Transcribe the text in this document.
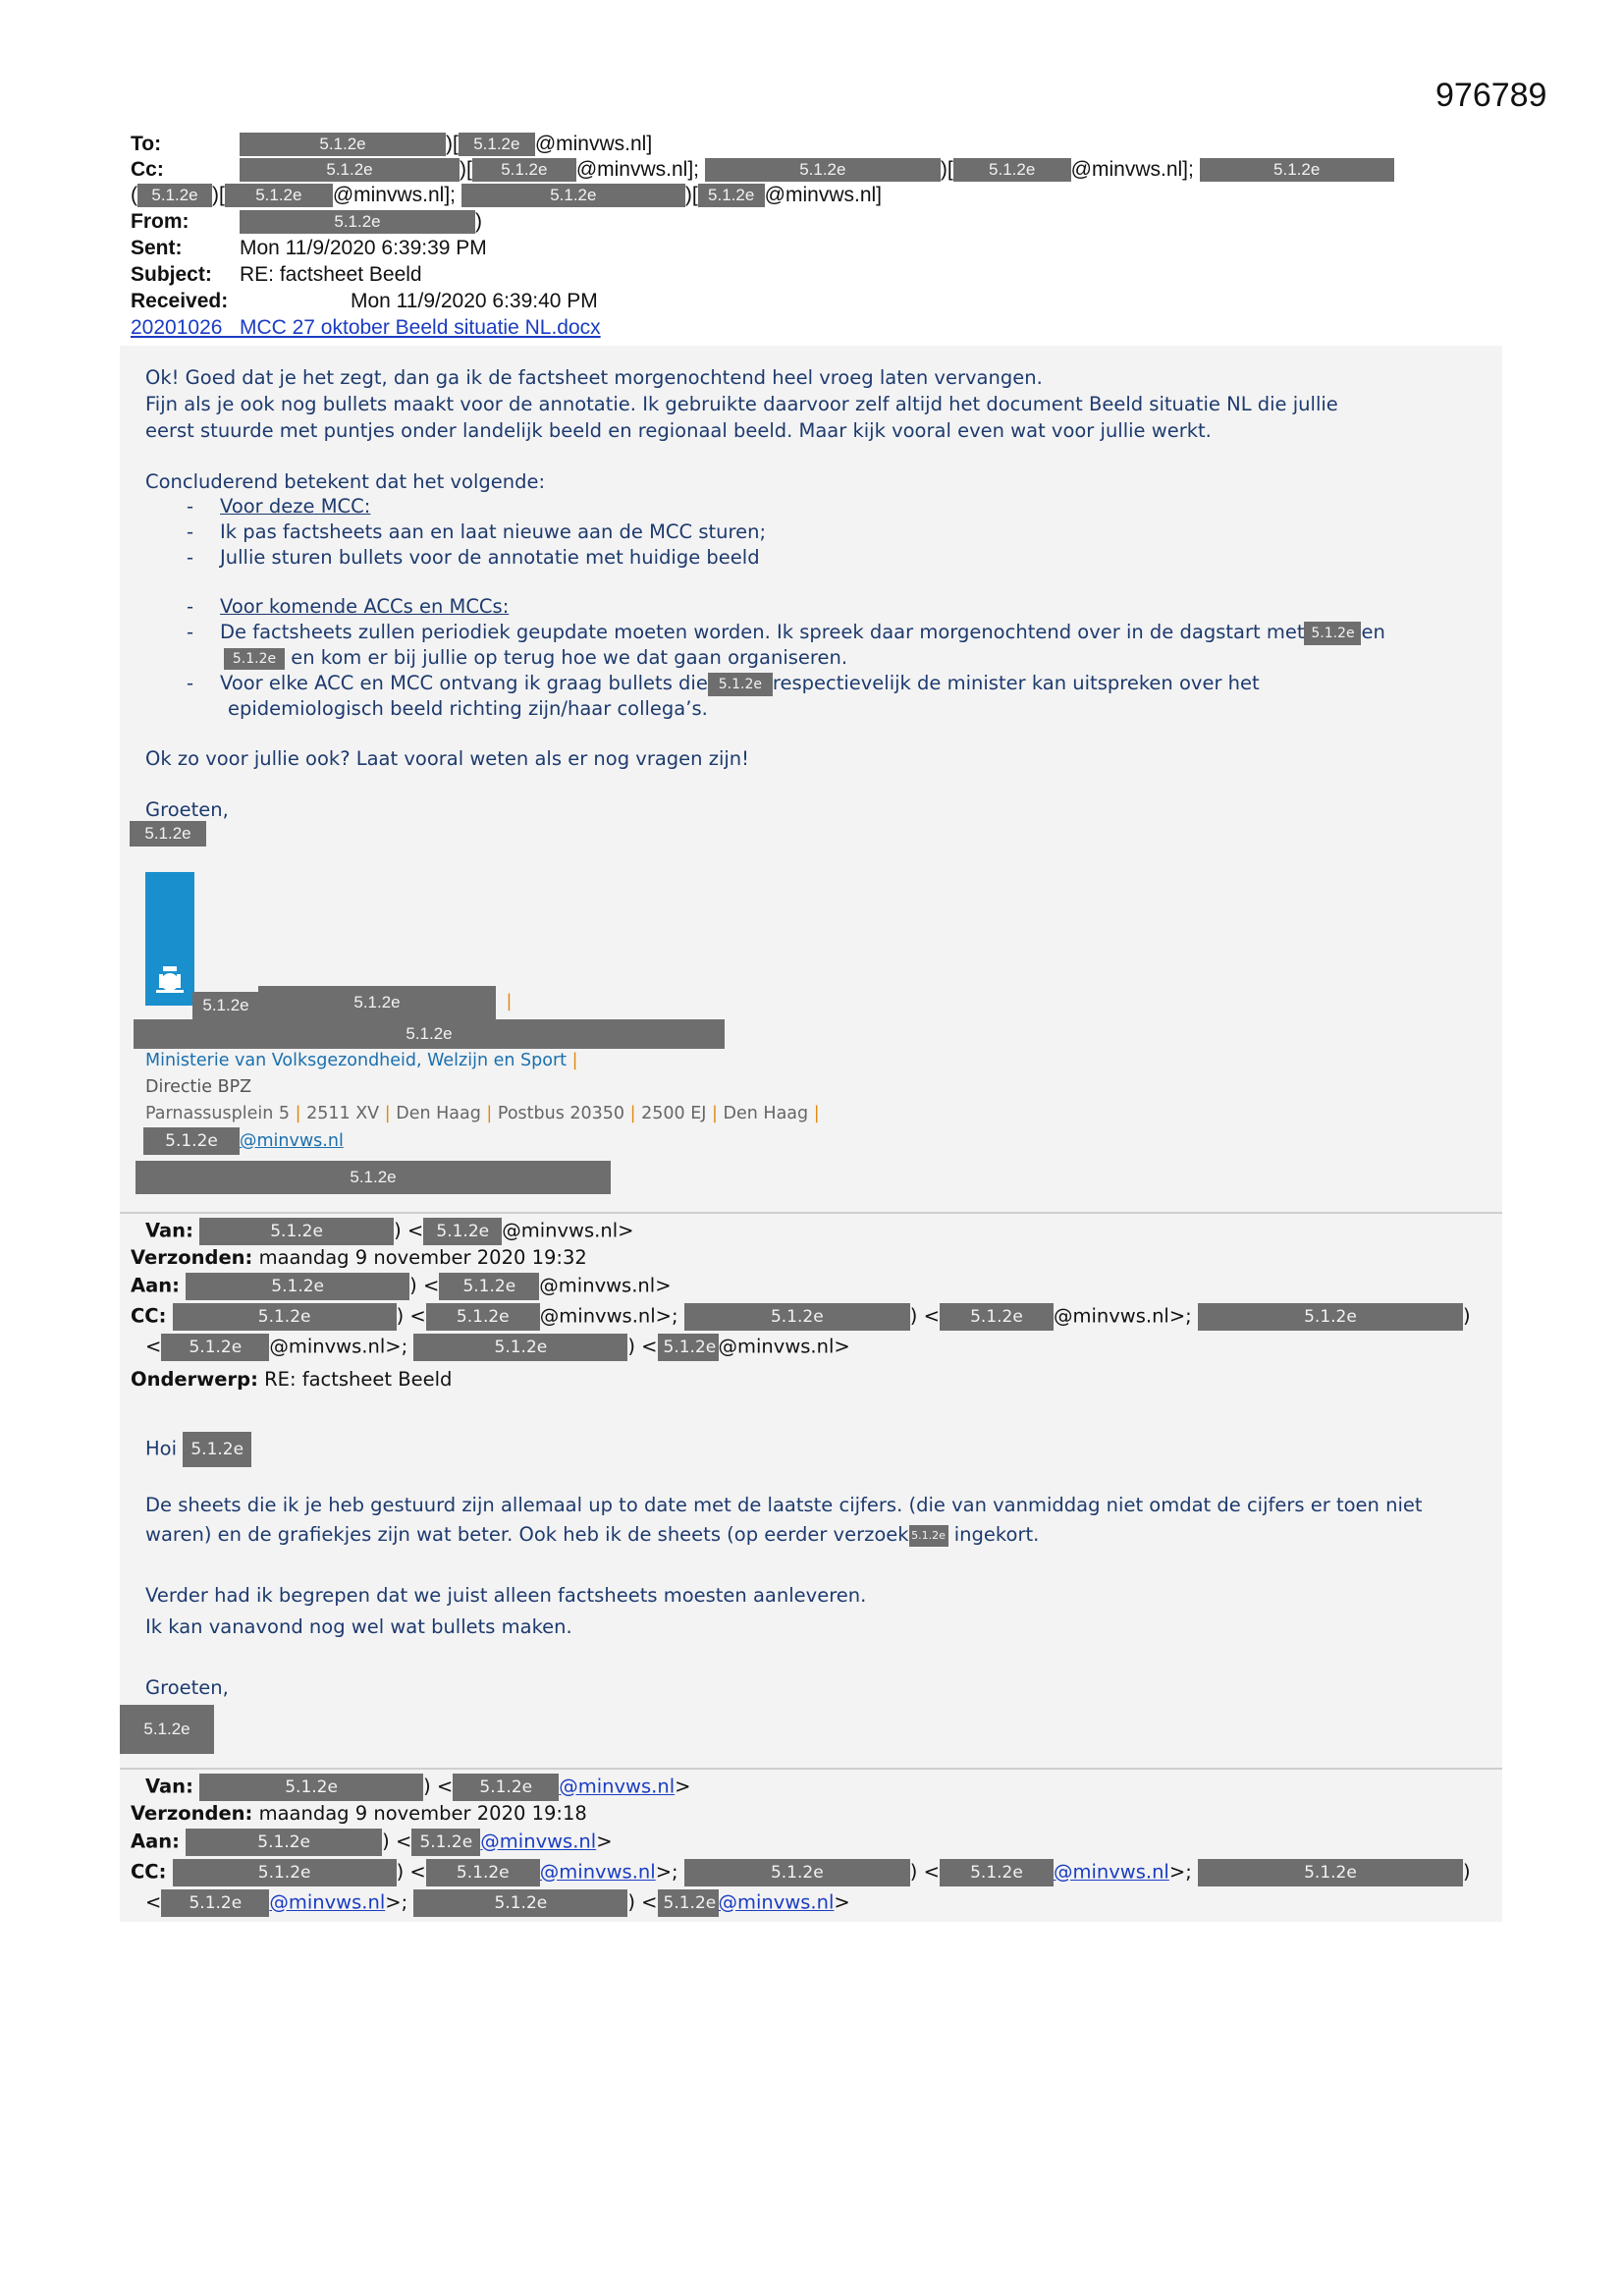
976789
To:	5.1.2e	)[ 5.1.2e @minvws.nl]
Cc:	5.1.2e	)[ 5.1.2e @minvws.nl];	5.1.2e	)[ 5.1.2e @minvws.nl];	5.1.2e
( 5.1.2e )[ 5.1.2e @minvws.nl];	5.1.2e	)[ 5.1.2e @minvws.nl]
From:	5.1.2e	)
Sent:	Mon 11/9/2020 6:39:39 PM
Subject: RE: factsheet Beeld
Received:	Mon 11/9/2020 6:39:40 PM
20201026 _MCC 27 oktober Beeld situatie NL.docx
Ok! Goed dat je het zegt, dan ga ik de factsheet morgenochtend heel vroeg laten vervangen.
Fijn als je ook nog bullets maakt voor de annotatie. Ik gebruikte daarvoor zelf altijd het document Beeld situatie NL die jullie
eerst stuurde met puntjes onder landelijk beeld en regionaal beeld. Maar kijk vooral even wat voor jullie werkt.
Concluderend betekent dat het volgende:
- Voor deze MCC:
- Ik pas factsheets aan en laat nieuwe aan de MCC sturen;
- Jullie sturen bullets voor de annotatie met huidige beeld
- Voor komende ACCs en MCCs:
- De factsheets zullen periodiek geupdate moeten worden. Ik spreek daar morgenochtend over in de dagstart met 5.1.2e en
5.1.2e en kom er bij jullie op terug hoe we dat gaan organiseren.
- Voor elke ACC en MCC ontvang ik graag bullets die 5.1.2e respectievelijk de minister kan uitspreken over het
epidemiologisch beeld richting zijn/haar collega’s.
Ok zo voor jullie ook? Laat vooral weten als er nog vragen zijn!
Groeten,
5.1.2e
5.1.2e	5.1.2e	|
5.1.2e
Ministerie van Volksgezondheid, Welzijn en Sport |
Directie BPZ
Parnassusplein 5 | 2511 XV | Den Haag | Postbus 20350 | 2500 EJ | Den Haag |
5.1.2e @minvws.nl
5.1.2e
Van:	5.1.2e	) < 5.1.2e @minvws.nl>
Verzonden: maandag 9 november 2020 19:32
Aan:	5.1.2e	) < 5.1.2e @minvws.nl>
CC:	5.1.2e	) < 5.1.2e @minvws.nl>;	5.1.2e	) < 5.1.2e @minvws.nl>;	5.1.2e	)
< 5.1.2e @minvws.nl>;	5.1.2e	) < 5.1.2e @minvws.nl>
Onderwerp: RE: factsheet Beeld
Hoi 5.1.2e
De sheets die ik je heb gestuurd zijn allemaal up to date met de laatste cijfers. (die van vanmiddag niet omdat de cijfers er toen niet
waren) en de grafiekjes zijn wat beter. Ook heb ik de sheets (op eerder verzoek 5.1.2e ingekort.
Verder had ik begrepen dat we juist alleen factsheets moesten aanleveren.
Ik kan vanavond nog wel wat bullets maken.
Groeten,
5.1.2e
Van:	5.1.2e	) < 5.1.2e @minvws.nl>
Verzonden: maandag 9 november 2020 19:18
Aan:	5.1.2e	) < 5.1.2e @minvws.nl>
CC:	5.1.2e	) < 5.1.2e @minvws.nl>;	5.1.2e	) < 5.1.2e @minvws.nl>;	5.1.2e	)
< 5.1.2e @minvws.nl>;	5.1.2e	) < 5.1.2e @minvws.nl>
